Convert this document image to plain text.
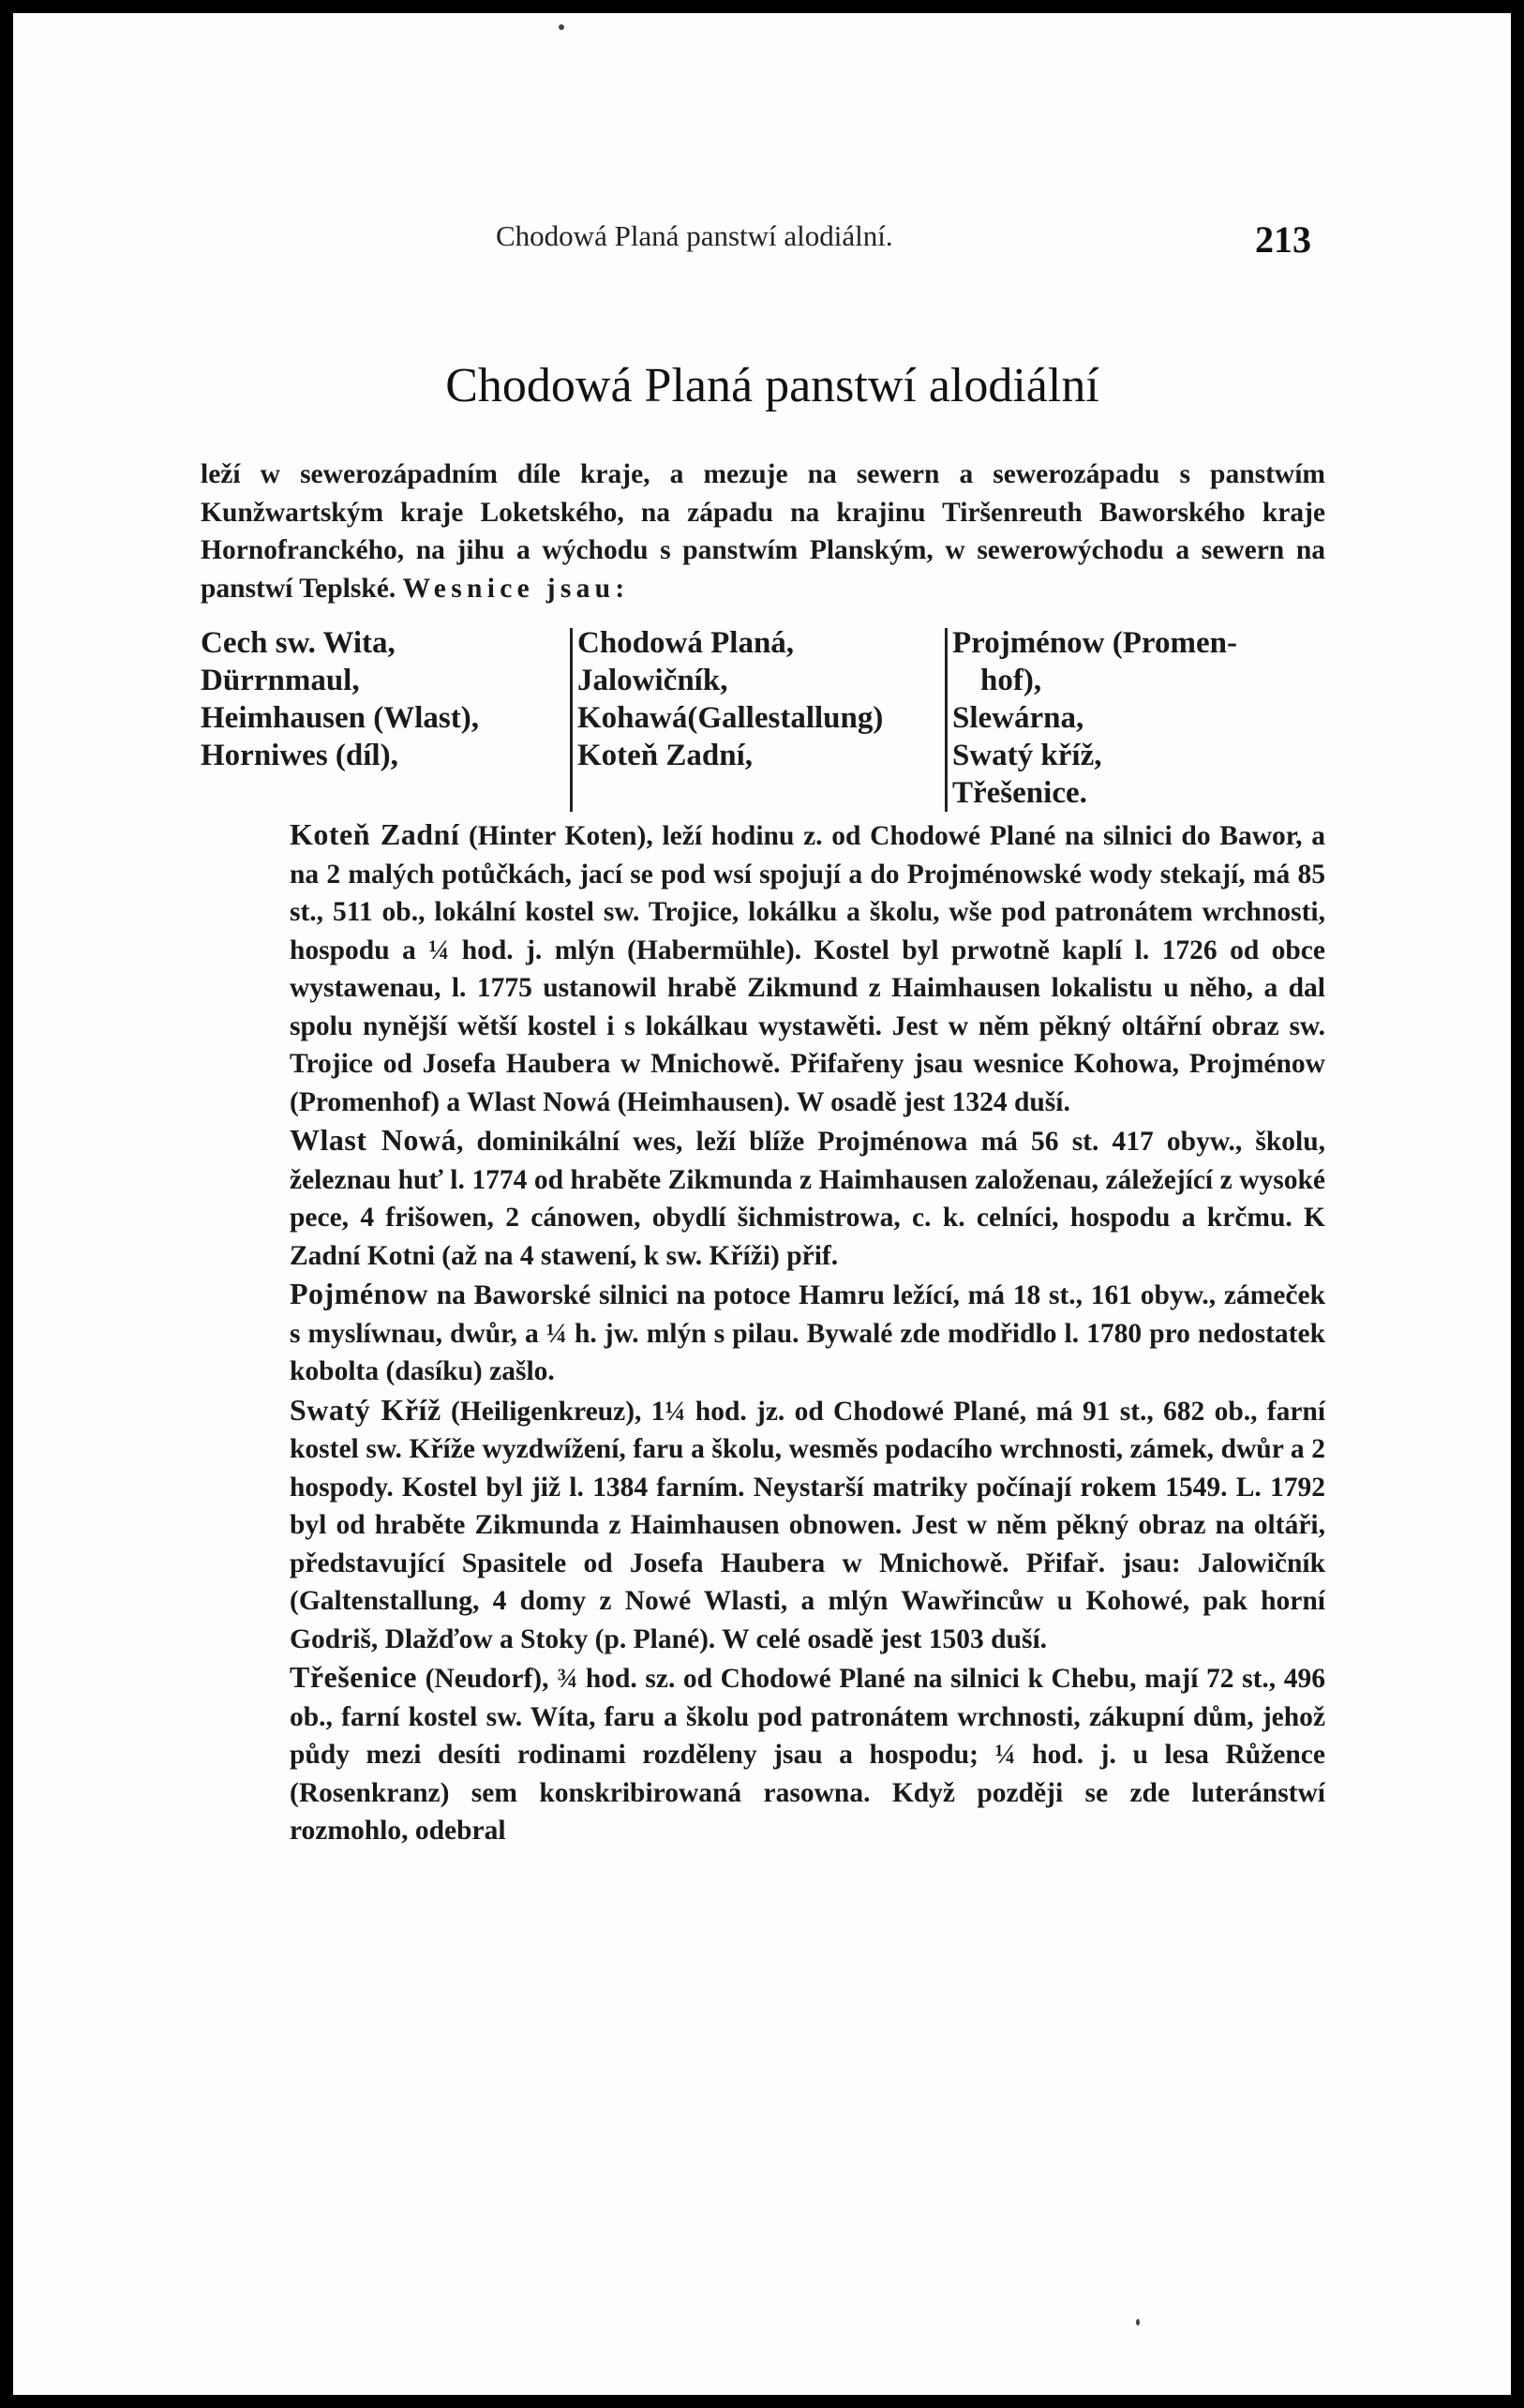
Chodowá Planá panstwí alodiální.	213
Chodowá Planá panstwí alodiální

leží w sewerozápadním díle kraje, a mezuje na sewern a sewerozápadu s panstwím Kunžwartským kraje Loketského, na západu na krajinu Tiršenreuth Baworského kraje Hornofranckého, na jihu a wýchodu s panstwím Planským, w sewerowýchodu a sewern na panstwí Teplské. Wesnice jsau:

Cech sw. Wita,
Dürrnmaul,
Heimhausen (Wlast),
Horniwes (díl),
Chodowá Planá,
Jalowičník,
Kohawá(Gallestallung)
Koteň Zadní,
Projménow (Promen-
hof),
Slewárna,
Swatý kříž,
Třešenice.

Koteň Zadní (Hinter Koten), leží hodinu z. od Chodowé Plané na silnici do Bawor, a na 2 malých potůčkách, jací se pod wsí spojují a do Projménowské wody stekají, má 85 st., 511 ob., lokální kostel sw. Trojice, lokálku a školu, wše pod patronátem wrchnosti, hospodu a ¼ hod. j. mlýn (Habermühle). Kostel byl prwotně kaplí l. 1726 od obce wystawenau, l. 1775 ustanowil hrabě Zikmund z Haimhausen lokalistu u něho, a dal spolu nynější wětší kostel i s lokálkau wystawěti. Jest w něm pěkný oltářní obraz sw. Trojice od Josefa Haubera w Mnichowě. Přifařeny jsau wesnice Kohowa, Projménow (Promenhof) a Wlast Nowá (Heimhausen). W osadě jest 1324 duší.

Wlast Nowá, dominikální wes, leží blíže Projménowa má 56 st. 417 obyw., školu, železnau huť l. 1774 od hraběte Zikmunda z Haimhausen založenau, záležející z wysoké pece, 4 frišowen, 2 cánowen, obydlí šichmistrowa, c. k. celníci, hospodu a krčmu. K Zadní Kotni (až na 4 stawení, k sw. Kříži) přif.

Pojménow na Baworské silnici na potoce Hamru ležící, má 18 st., 161 obyw., zámeček s myslíwnau, dwůr, a ¼ h. jw. mlýn s pilau. Bywalé zde modřidlo l. 1780 pro nedostatek kobolta (dasíku) zašlo.

Swatý Kříž (Heiligenkreuz), 1¼ hod. jz. od Chodowé Plané, má 91 st., 682 ob., farní kostel sw. Kříže wyzdwížení, faru a školu, wesměs podacího wrchnosti, zámek, dwůr a 2 hospody. Kostel byl již l. 1384 farním. Neystarší matriky počínají rokem 1549. L. 1792 byl od hraběte Zikmunda z Haimhausen obnowen. Jest w něm pěkný obraz na oltáři, představující Spasitele od Josefa Haubera w Mnichowě. Přifař. jsau: Jalowičník (Galtenstallung, 4 domy z Nowé Wlasti, a mlýn Wawřincůw u Kohowé, pak horní Godriš, Dlažďow a Stoky (p. Plané). W celé osadě jest 1503 duší.

Třešenice (Neudorf), ¾ hod. sz. od Chodowé Plané na silnici k Chebu, mají 72 st., 496 ob., farní kostel sw. Wíta, faru a školu pod patronátem wrchnosti, zákupní dům, jehož půdy mezi desíti rodinami rozděleny jsau a hospodu; ¼ hod. j. u lesa Růžence (Rosenkranz) sem konskribirowaná rasowna. Když později se zde luteránstwí rozmohlo, odebral
